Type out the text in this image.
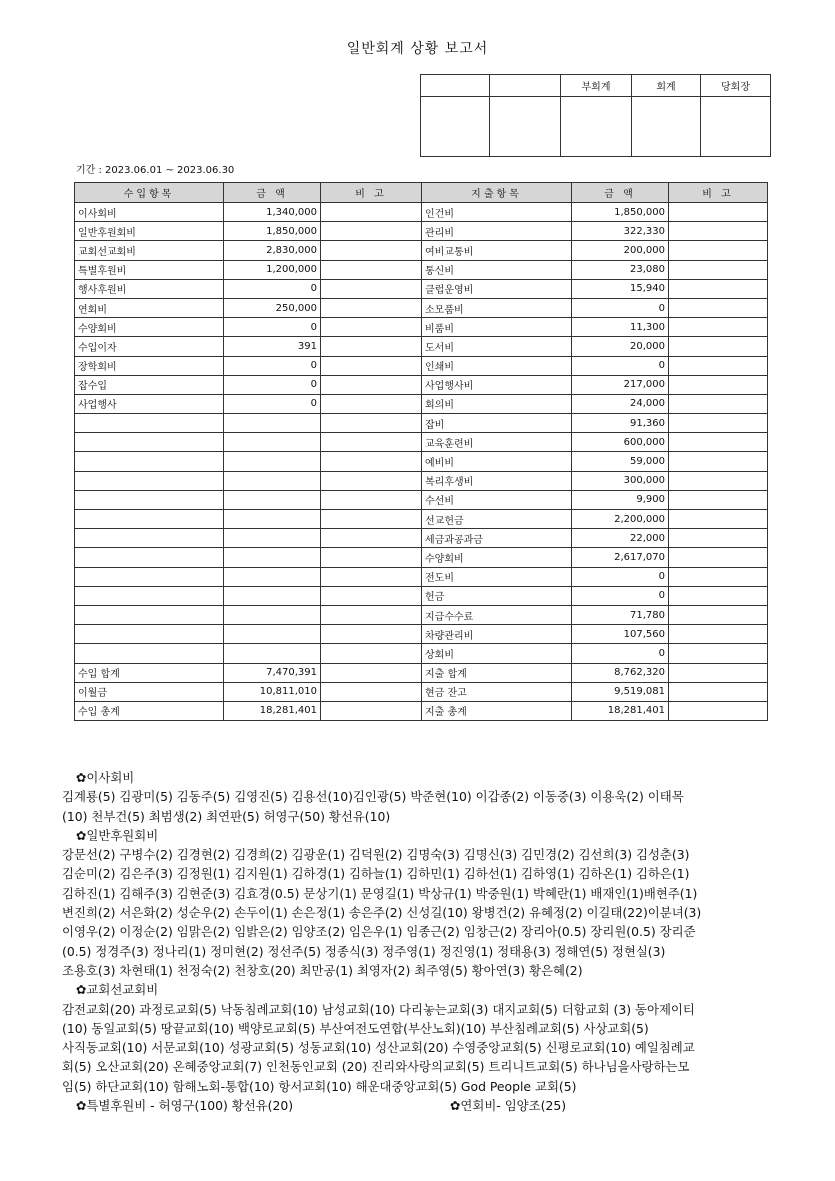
일반회계 상황 보고서
		부회계	회계	당회장

기간 : 2023.06.01 ~ 2023.06.30
수입항목	금 액	비 고	지출항목	금 액	비 고
이사회비	1,340,000		인건비	1,850,000	
일반후원회비	1,850,000		관리비	322,330	
교회선교회비	2,830,000		여비교통비	200,000	
특별후원비	1,200,000		통신비	23,080	
행사후원비	0		클럽운영비	15,940	
연회비	250,000		소모품비	0	
수양회비	0		비품비	11,300	
수입이자	391		도서비	20,000	
장학회비	0		인쇄비	0	
잡수입	0		사업행사비	217,000	
사업행사	0		회의비	24,000	
			잡비	91,360	
			교육훈련비	600,000	
			예비비	59,000	
			복리후생비	300,000	
			수선비	9,900	
			선교헌금	2,200,000	
			세금과공과금	22,000	
			수양회비	2,617,070	
			전도비	0	
			헌금	0	
			지급수수료	71,780	
			차량관리비	107,560	
			상회비	0	
수입 합계	7,470,391		지출 합계	8,762,320	
이월금	10,811,010		현금 잔고	9,519,081	
수입 총계	18,281,401		지출 총계	18,281,401	
✿이사회비
김계룡(5) 김광미(5) 김동주(5) 김영진(5) 김용선(10)김인광(5) 박준현(10) 이갑종(2) 이동중(3) 이용욱(2) 이태목
(10) 천부건(5) 최범생(2) 최연판(5) 허영구(50) 황선유(10)
✿일반후원회비
강문선(2) 구병수(2) 김경현(2) 김경희(2) 김광운(1) 김덕원(2) 김명숙(3) 김명신(3) 김민경(2) 김선희(3) 김성춘(3)
김순미(2) 김은주(3) 김정원(1) 김지원(1) 김하경(1) 김하늘(1) 김하민(1) 김하선(1) 김하영(1) 김하온(1) 김하은(1)
김하진(1) 김해주(3) 김현준(3) 김효경(0.5) 문상기(1) 문영길(1) 박상규(1) 박중원(1) 박혜란(1) 배재인(1)배현주(1)
변진희(2) 서은화(2) 성순우(2) 손두이(1) 손은정(1) 송은주(2) 신성길(10) 왕병건(2) 유혜정(2) 이길태(22)이분녀(3)
이영우(2) 이정순(2) 임맑은(2) 임밝은(2) 임양조(2) 임은우(1) 임종근(2) 임창근(2) 장리아(0.5) 장리원(0.5) 장리준
(0.5) 정경주(3) 정나리(1) 정미현(2) 정선주(5) 정종식(3) 정주영(1) 정진영(1) 정태용(3) 정해연(5) 정현실(3)
조용호(3) 차현태(1) 천정숙(2) 천창호(20) 최만공(1) 최영자(2) 최주영(5) 황아연(3) 황은혜(2)
✿교회선교회비
감전교회(20) 과정로교회(5) 낙동침례교회(10) 남성교회(10) 다리놓는교회(3) 대지교회(5) 더함교회 (3) 동아제이티
(10) 동일교회(5) 땅끝교회(10) 백양로교회(5) 부산여전도연합(부산노회)(10) 부산침례교회(5) 사상교회(5)
사직동교회(10) 서문교회(10) 성광교회(5) 성동교회(10) 성산교회(20) 수영중앙교회(5) 신평로교회(10) 예일침례교
회(5) 오산교회(20) 온혜중앙교회(7) 인천동인교회 (20) 진리와사랑의교회(5) 트리니트교회(5) 하나님을사랑하는모
임(5) 하단교회(10) 함해노회-통합(10) 항서교회(10) 해운대중앙교회(5) God People 교회(5)
✿특별후원비 - 허영구(100) 황선유(20)	✿연회비- 임양조(25)
